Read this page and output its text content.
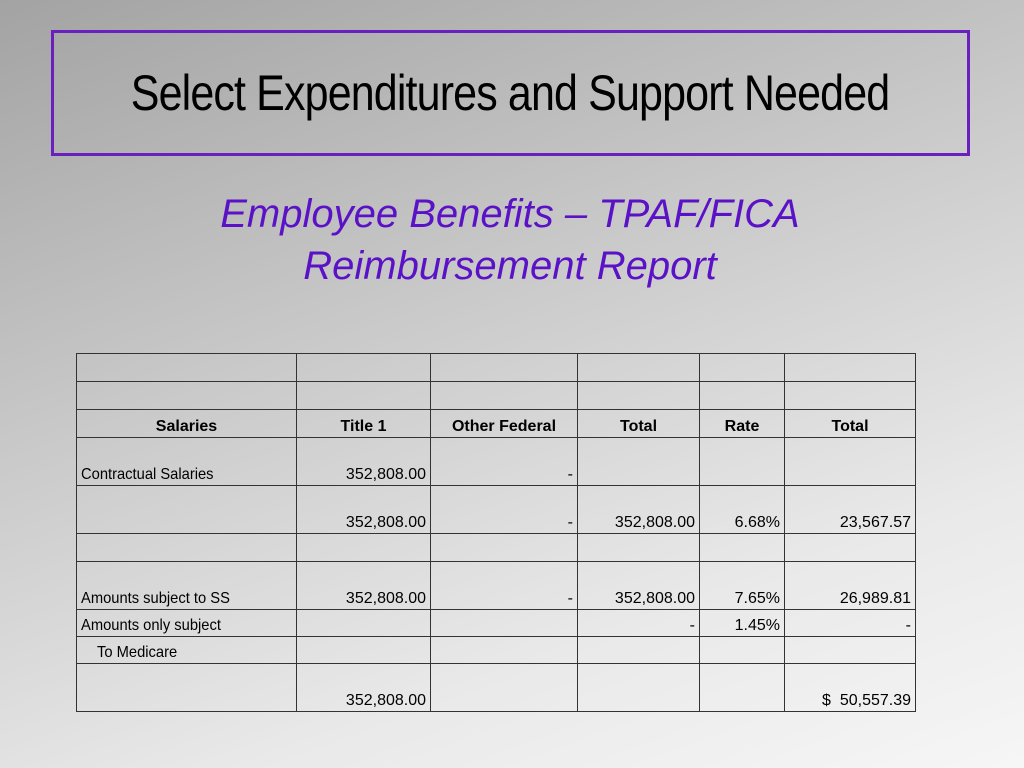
Select Expenditures and Support Needed
Employee Benefits – TPAF/FICA
Reimbursement Report

Salaries	Title 1	Other Federal	Total	Rate	Total
Contractual Salaries	352,808.00	-			
	352,808.00	-	352,808.00	6.68%	23,567.57

Amounts subject to SS	352,808.00	-	352,808.00	7.65%	26,989.81
Amounts only subject			-	1.45%	-
To Medicare					
	352,808.00				$  50,557.39
